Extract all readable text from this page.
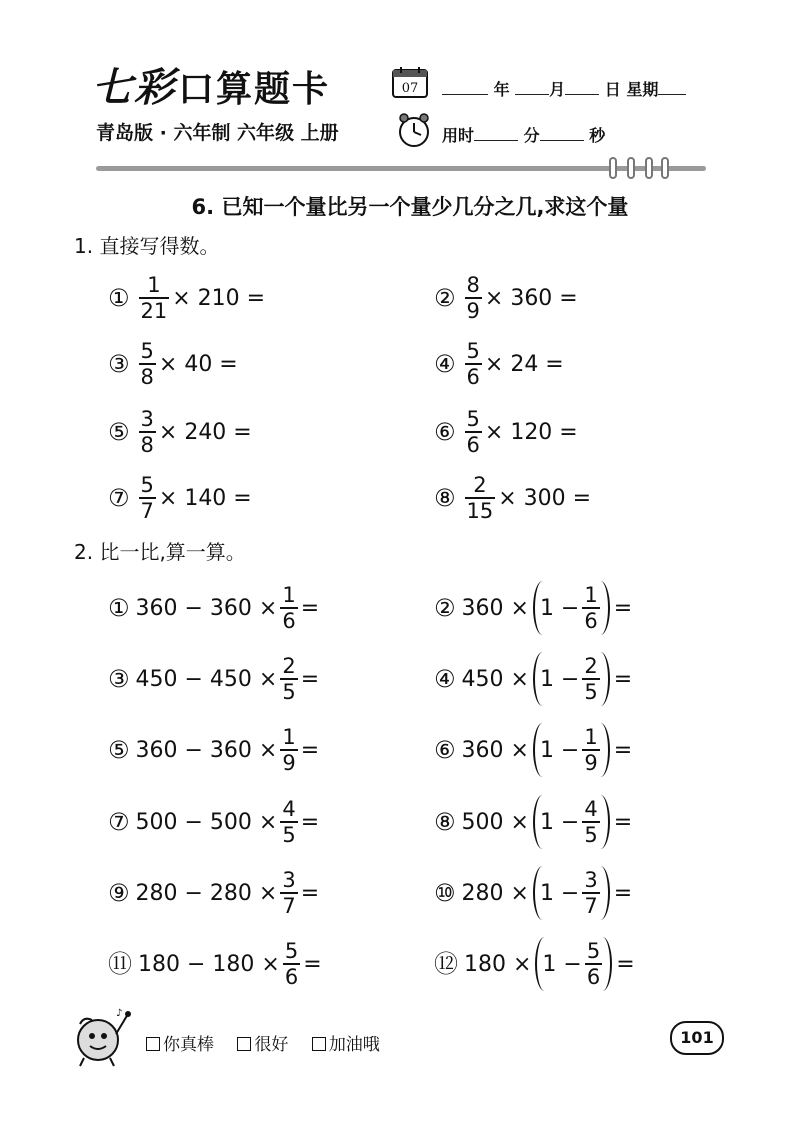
七彩口算题卡
青岛版 · 六年制 六年级 上册
07	年 月 日 星期
用时	分	秒
6. 已知一个量比另一个量少几分之几,求这个量
1. 直接写得数。
① $\frac{1}{21} \times 210$ =	② $\frac{8}{9} \times 360$ =
③ $\frac{5}{8} \times 40$ =	④ $\frac{5}{6} \times 24$ =
⑤ $\frac{3}{8} \times 240$ =	⑥ $\frac{5}{6} \times 120$ =
⑦ $\frac{5}{7} \times 140$ =	⑧ $\frac{2}{15} \times 300$ =
2. 比一比,算一算。
① $360 - 360 \times \frac{1}{6}$ =	② $360 \times 1 - \frac{1}{6}$ =
③ $450 - 450 \times \frac{2}{5}$ =	④ $450 \times 1 - \frac{2}{5}$ =
⑤ $360 - 360 \times \frac{1}{9}$ =	⑥ $360 \times 1 - \frac{1}{9}$ =
⑦ $500 - 500 \times \frac{4}{5}$ =	⑧ $500 \times 1 - \frac{4}{5}$ =
⑨ $280 - 280 \times \frac{3}{7}$ =	⑩ $280 \times 1 - \frac{3}{7}$ =
⑪ $180 - 180 \times \frac{5}{6}$ =	⑫ $180 \times 1 - \frac{5}{6}$ =
♪
你真棒 很好 加油哦	101
